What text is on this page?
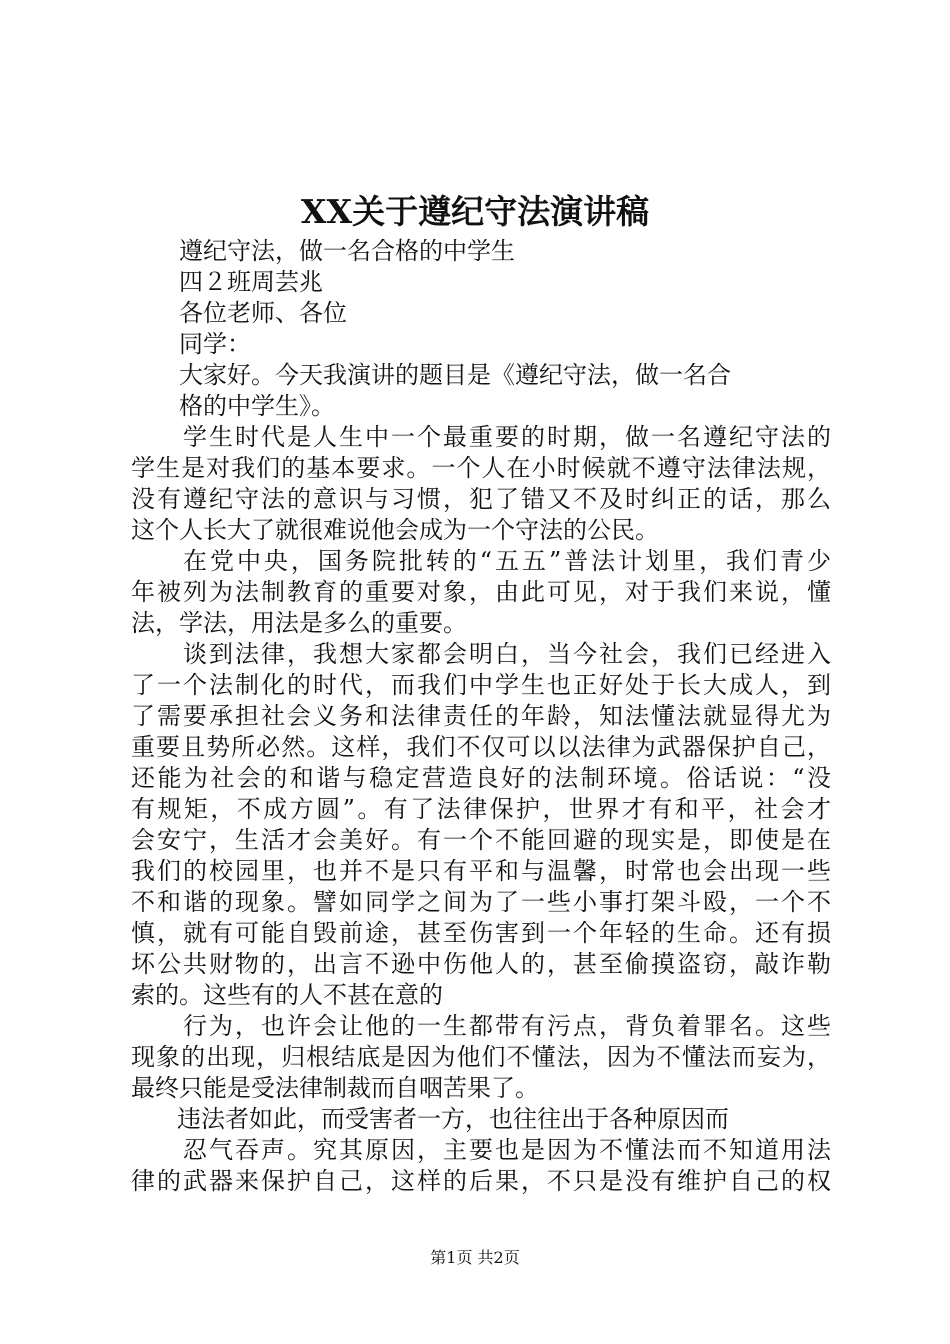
XX关于遵纪守法演讲稿
遵纪守法，做一名合格的中学生
四２班周芸兆
各位老师、各位
同学：
大家好。今天我演讲的题目是《遵纪守法，做一名合
格的中学生》。
学生时代是人生中一个最重要的时期，做一名遵纪守法的
学生是对我们的基本要求。一个人在小时候就不遵守法律法规，
没有遵纪守法的意识与习惯，犯了错又不及时纠正的话，那么
这个人长大了就很难说他会成为一个守法的公民。
在党中央，国务院批转的“五五”普法计划里，我们青少
年被列为法制教育的重要对象，由此可见，对于我们来说，懂
法，学法，用法是多么的重要。
谈到法律，我想大家都会明白，当今社会，我们已经进入
了一个法制化的时代，而我们中学生也正好处于长大成人，到
了需要承担社会义务和法律责任的年龄，知法懂法就显得尤为
重要且势所必然。这样，我们不仅可以以法律为武器保护自己，
还能为社会的和谐与稳定营造良好的法制环境。俗话说：“没
有规矩，不成方圆”。有了法律保护，世界才有和平，社会才
会安宁，生活才会美好。有一个不能回避的现实是，即使是在
我们的校园里，也并不是只有平和与温馨，时常也会出现一些
不和谐的现象。譬如同学之间为了一些小事打架斗殴，一个不
慎，就有可能自毁前途，甚至伤害到一个年轻的生命。还有损
坏公共财物的，出言不逊中伤他人的，甚至偷摸盗窃，敲诈勒
索的。这些有的人不甚在意的
行为，也许会让他的一生都带有污点，背负着罪名。这些
现象的出现，归根结底是因为他们不懂法，因为不懂法而妄为，
最终只能是受法律制裁而自咽苦果了。
违法者如此，而受害者一方，也往往出于各种原因而
忍气吞声。究其原因，主要也是因为不懂法而不知道用法
律的武器来保护自己，这样的后果，不只是没有维护自己的权
第1页 共2页
